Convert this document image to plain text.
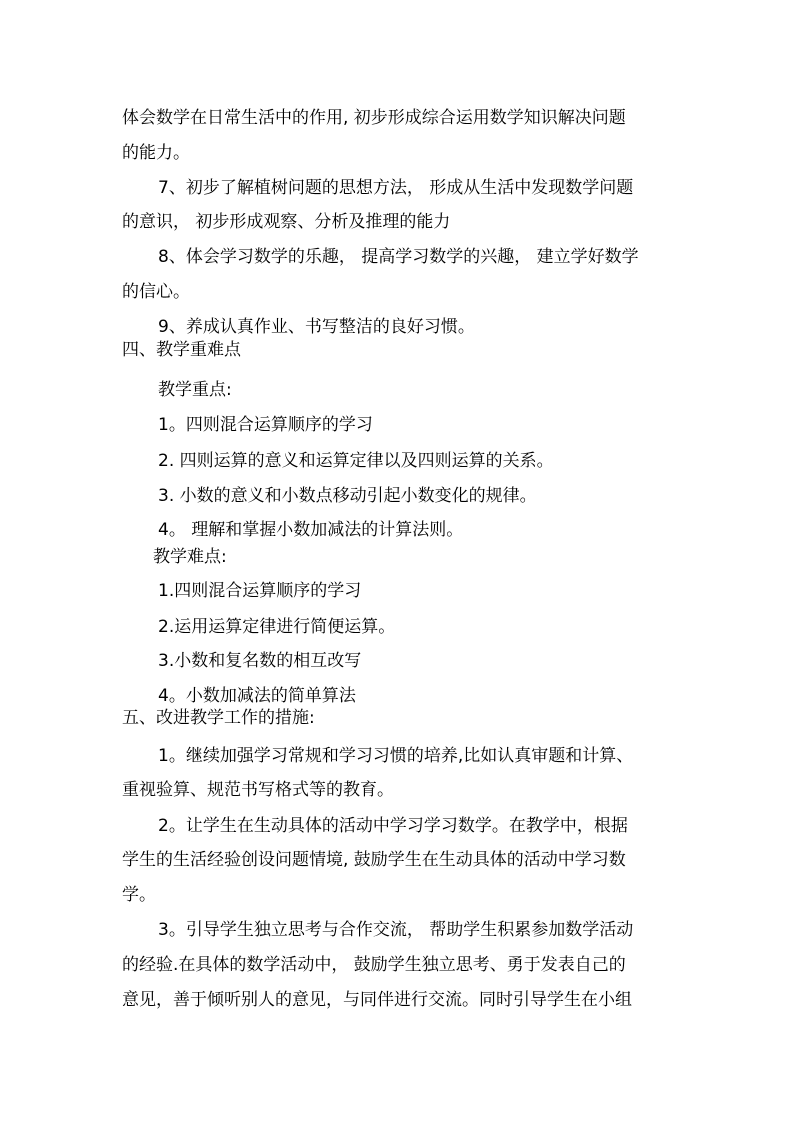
体会数学在日常生活中的作用, 初步形成综合运用数学知识解决问题
的能力。
7、初步了解植树问题的思想方法， 形成从生活中发现数学问题
的意识， 初步形成观察、分析及推理的能力
8、体会学习数学的乐趣， 提高学习数学的兴趣， 建立学好数学
的信心。
9、养成认真作业、书写整洁的良好习惯。
四、教学重难点
教学重点:
1。四则混合运算顺序的学习
2. 四则运算的意义和运算定律以及四则运算的关系。
3. 小数的意义和小数点移动引起小数变化的规律。
4。 理解和掌握小数加减法的计算法则。
教学难点:
1.四则混合运算顺序的学习
2.运用运算定律进行简便运算。
3.小数和复名数的相互改写
4。小数加减法的简单算法
五、改进教学工作的措施:
1。继续加强学习常规和学习习惯的培养,比如认真审题和计算、
重视验算、规范书写格式等的教育。
2。让学生在生动具体的活动中学习学习数学。在教学中，根据
学生的生活经验创设问题情境, 鼓励学生在生动具体的活动中学习数
学。
3。引导学生独立思考与合作交流， 帮助学生积累参加数学活动
的经验.在具体的数学活动中， 鼓励学生独立思考、勇于发表自己的
意见，善于倾听别人的意见，与同伴进行交流。同时引导学生在小组
